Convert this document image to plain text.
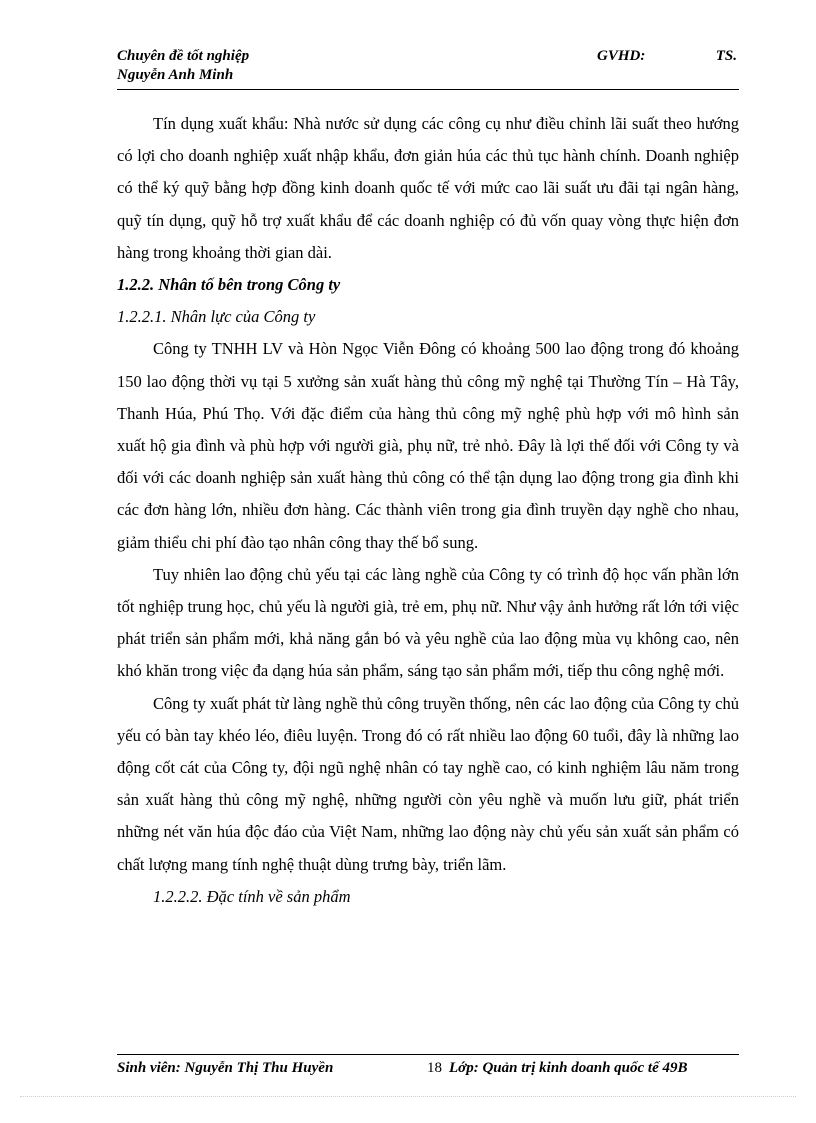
Chuyên đề tốt nghiệp
Nguyễn Anh Minh
GVHD:	TS.

Tín dụng xuất khẩu: Nhà nước sử dụng các công cụ như điều chỉnh lãi suất theo hướng có lợi cho doanh nghiệp xuất nhập khẩu, đơn giản húa các thủ tục hành chính. Doanh nghiệp có thể ký quỹ bằng hợp đồng kinh doanh quốc tế với mức cao lãi suất ưu đãi tại ngân hàng, quỹ tín dụng, quỹ hỗ trợ xuất khẩu để các doanh nghiệp có đủ vốn quay vòng thực hiện đơn hàng trong khoảng thời gian dài.

1.2.2. Nhân tố bên trong Công ty
1.2.2.1. Nhân lực của Công ty

Công ty TNHH LV và Hòn Ngọc Viễn Đông có khoảng 500 lao động trong đó khoảng 150 lao động thời vụ tại 5 xưởng sản xuất hàng thủ công mỹ nghệ tại Thường Tín – Hà Tây, Thanh Húa, Phú Thọ. Với đặc điểm của hàng thủ công mỹ nghệ phù hợp với mô hình sản xuất hộ gia đình và phù hợp với người già, phụ nữ, trẻ nhỏ. Đây là lợi thế đối với Công ty và đối với các doanh nghiệp sản xuất hàng thủ công có thể tận dụng lao động trong gia đình khi các đơn hàng lớn, nhiều đơn hàng. Các thành viên trong gia đình truyền dạy nghề cho nhau, giảm thiểu chi phí đào tạo nhân công thay thế bổ sung.

Tuy nhiên lao động chủ yếu tại các làng nghề của Công ty có trình độ học vấn phần lớn tốt nghiệp trung học, chủ yếu là người già, trẻ em, phụ nữ. Như vậy ảnh hưởng rất lớn tới việc phát triển sản phẩm mới, khả năng gắn bó và yêu nghề của lao động mùa vụ không cao, nên khó khăn trong việc đa dạng húa sản phẩm, sáng tạo sản phẩm mới, tiếp thu công nghệ mới.

Công ty xuất phát từ làng nghề thủ công truyền thống, nên các lao động của Công ty chủ yếu có bàn tay khéo léo, điêu luyện. Trong đó có rất nhiều lao động 60 tuổi, đây là những lao động cốt cát của Công ty, đội ngũ nghệ nhân có tay nghề cao, có kinh nghiệm lâu năm trong sản xuất hàng thủ công mỹ nghệ, những người còn yêu nghề và muốn lưu giữ, phát triển những nét văn húa độc đáo của Việt Nam, những lao động này chủ yếu sản xuất sản phẩm có chất lượng mang tính nghệ thuật dùng trưng bày, triển lãm.

1.2.2.2. Đặc tính về sản phẩm
Sinh viên: Nguyễn Thị Thu Huyền	18 Lớp: Quản trị kinh doanh quốc tế 49B
